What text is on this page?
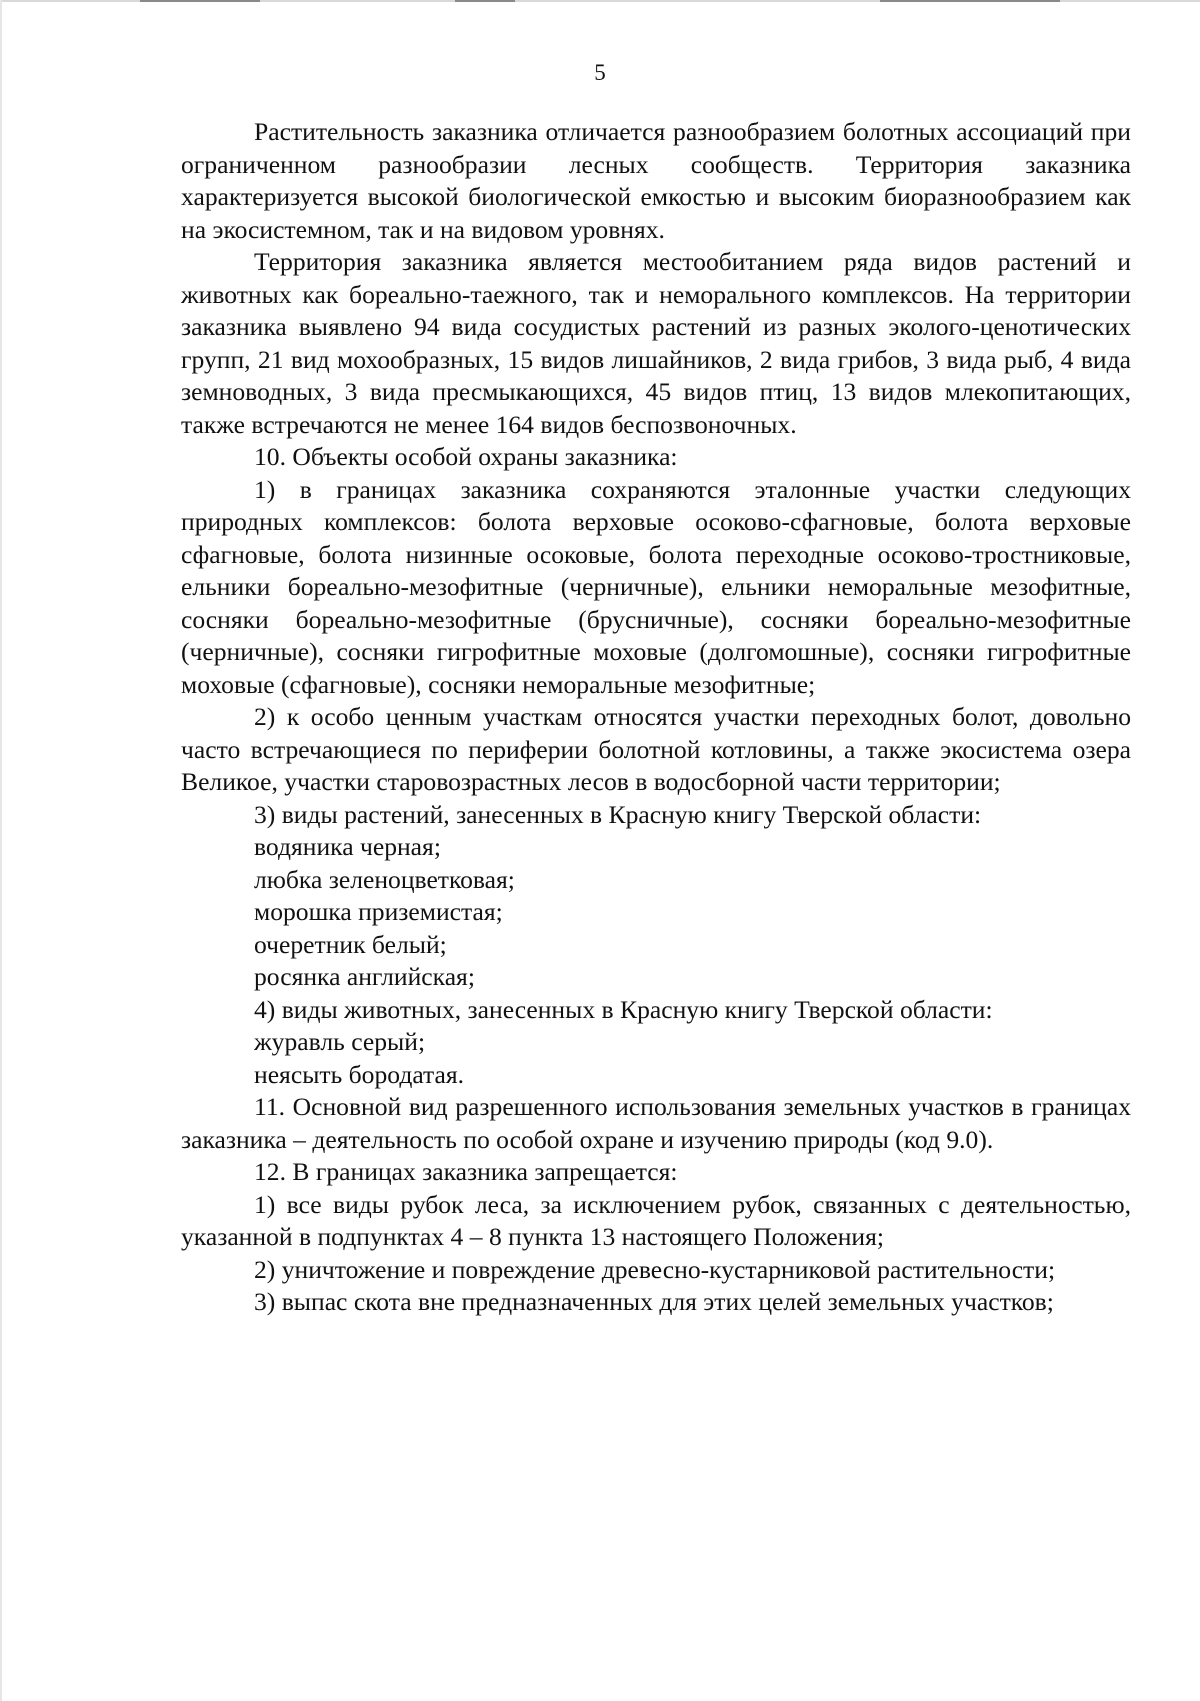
5

Растительность заказника отличается разнообразием болотных ассоциаций при ограниченном разнообразии лесных сообществ. Территория заказника характеризуется высокой биологической емкостью и высоким биоразнообразием как на экосистемном, так и на видовом уровнях.

Территория заказника является местообитанием ряда видов растений и животных как бореально-таежного, так и неморального комплексов. На территории заказника выявлено 94 вида сосудистых растений из разных эколого-ценотических групп, 21 вид мохообразных, 15 видов лишайников, 2 вида грибов, 3 вида рыб, 4 вида земноводных, 3 вида пресмыкающихся, 45 видов птиц, 13 видов млекопитающих, также встречаются не менее 164 видов беспозвоночных.

10. Объекты особой охраны заказника:

1) в границах заказника сохраняются эталонные участки следующих природных комплексов: болота верховые осоково-сфагновые, болота верховые сфагновые, болота низинные осоковые, болота переходные осоково-тростниковые, ельники бореально-мезофитные (черничные), ельники неморальные мезофитные, сосняки бореально-мезофитные (брусничные), сосняки бореально-мезофитные (черничные), сосняки гигрофитные моховые (долгомошные), сосняки гигрофитные моховые (сфагновые), сосняки неморальные мезофитные;

2) к особо ценным участкам относятся участки переходных болот, довольно часто встречающиеся по периферии болотной котловины, а также экосистема озера Великое, участки старовозрастных лесов в водосборной части территории;

3) виды растений, занесенных в Красную книгу Тверской области:

водяника черная;

любка зеленоцветковая;

морошка приземистая;

очеретник белый;

росянка английская;

4) виды животных, занесенных в Красную книгу Тверской области:

журавль серый;

неясыть бородатая.

11. Основной вид разрешенного использования земельных участков в границах заказника – деятельность по особой охране и изучению природы (код 9.0).

12. В границах заказника запрещается:

1) все виды рубок леса, за исключением рубок, связанных с деятельностью, указанной в подпунктах 4 – 8 пункта 13 настоящего Положения;

2) уничтожение и повреждение древесно-кустарниковой растительности;

3) выпас скота вне предназначенных для этих целей земельных участков;
